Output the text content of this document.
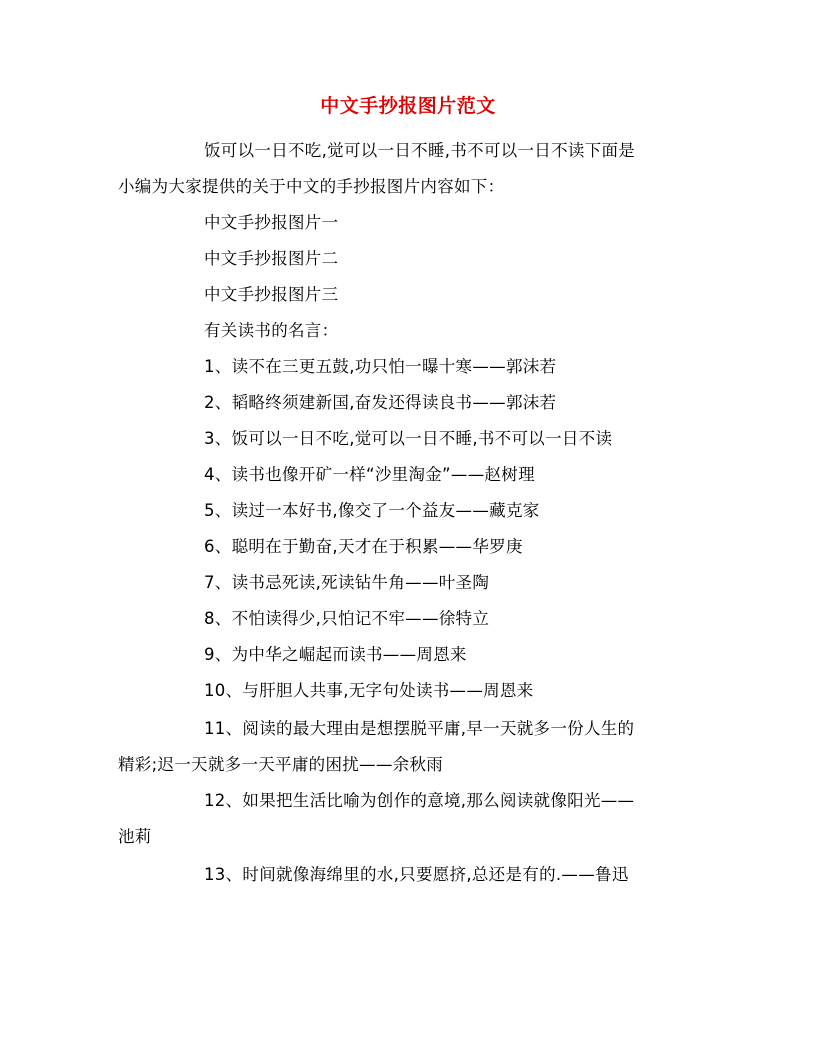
中文手抄报图片范文
饭可以一日不吃,觉可以一日不睡,书不可以一日不读下面是
小编为大家提供的关于中文的手抄报图片内容如下：
中文手抄报图片一
中文手抄报图片二
中文手抄报图片三
有关读书的名言：
1、读不在三更五鼓,功只怕一曝十寒——郭沫若
2、韬略终须建新国,奋发还得读良书——郭沫若
3、饭可以一日不吃,觉可以一日不睡,书不可以一日不读
4、读书也像开矿一样“沙里淘金”——赵树理
5、读过一本好书,像交了一个益友——藏克家
6、聪明在于勤奋,天才在于积累——华罗庚
7、读书忌死读,死读钻牛角——叶圣陶
8、不怕读得少,只怕记不牢——徐特立
9、为中华之崛起而读书——周恩来
10、与肝胆人共事,无字句处读书——周恩来
11、阅读的最大理由是想摆脱平庸,早一天就多一份人生的
精彩;迟一天就多一天平庸的困扰——余秋雨
12、如果把生活比喻为创作的意境,那么阅读就像阳光——
池莉
13、时间就像海绵里的水,只要愿挤,总还是有的.——鲁迅
